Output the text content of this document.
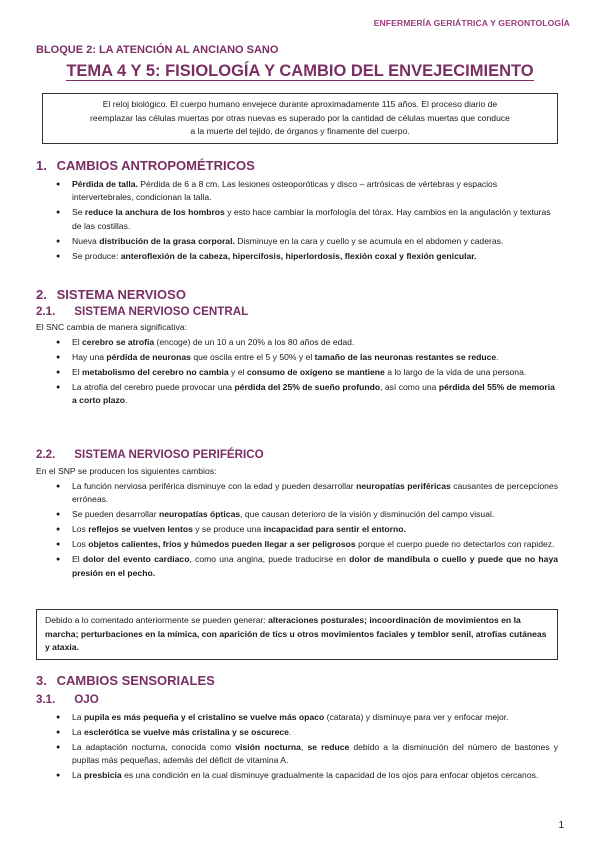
ENFERMERÍA GERIÁTRICA Y GERONTOLOGÍA
BLOQUE 2: LA ATENCIÓN AL ANCIANO SANO
TEMA 4 Y 5: FISIOLOGÍA Y CAMBIO DEL ENVEJECIMIENTO
El reloj biológico. El cuerpo humano envejece durante aproximadamente 115 años. El proceso diario de
reemplazar las células muertas por otras nuevas es superado por la cantidad de células muertas que conduce
a la muerte del tejido, de órganos y finamente del cuerpo.
1. CAMBIOS ANTROPOMÉTRICOS
● Pérdida de talla. Pérdida de 6 a 8 cm. Las lesiones osteoporóticas y disco – artrósicas de vértebras y espacios intervertebrales, condicionan la talla.
● Se reduce la anchura de los hombros y esto hace cambiar la morfología del tórax. Hay cambios en la angulación y texturas de las costillas.
● Nueva distribución de la grasa corporal. Disminuye en la cara y cuello y se acumula en el abdomen y caderas.
● Se produce: anteroflexión de la cabeza, hipercifosis, hiperlordosis, flexión coxal y flexión genicular.
2. SISTEMA NERVIOSO
2.1. SISTEMA NERVIOSO CENTRAL
El SNC cambia de manera significativa:
● El cerebro se atrofia (encoge) de un 10 a un 20% a los 80 años de edad.
● Hay una pérdida de neuronas que oscila entre el 5 y 50% y el tamaño de las neuronas restantes se reduce.
● El metabolismo del cerebro no cambia y el consumo de oxígeno se mantiene a lo largo de la vida de una persona.
● La atrofia del cerebro puede provocar una pérdida del 25% de sueño profundo, así como una pérdida del 55% de memoria a corto plazo.
2.2. SISTEMA NERVIOSO PERIFÉRICO
En el SNP se producen los siguientes cambios:
● La función nerviosa periférica disminuye con la edad y pueden desarrollar neuropatías periféricas causantes de percepciones erróneas.
● Se pueden desarrollar neuropatías ópticas, que causan deterioro de la visión y disminución del campo visual.
● Los reflejos se vuelven lentos y se produce una incapacidad para sentir el entorno.
● Los objetos calientes, fríos y húmedos pueden llegar a ser peligrosos porque el cuerpo puede no detectarlos con rapidez.
● El dolor del evento cardiaco, como una angina, puede traducirse en dolor de mandíbula o cuello y puede que no haya presión en el pecho.
Debido a lo comentado anteriormente se pueden generar: alteraciones posturales; incoordinación de movimientos en la marcha; perturbaciones en la mímica, con aparición de tics u otros movimientos faciales y temblor senil, atrofias cutáneas y ataxia.
3. CAMBIOS SENSORIALES
3.1. OJO
● La pupila es más pequeña y el cristalino se vuelve más opaco (catarata) y disminuye para ver y enfocar mejor.
● La esclerótica se vuelve más cristalina y se oscurece.
● La adaptación nocturna, conocida como visión nocturna, se reduce debido a la disminución del número de bastones y pupilas más pequeñas, además del déficit de vitamina A.
● La presbicia es una condición en la cual disminuye gradualmente la capacidad de los ojos para enfocar objetos cercanos.
1
